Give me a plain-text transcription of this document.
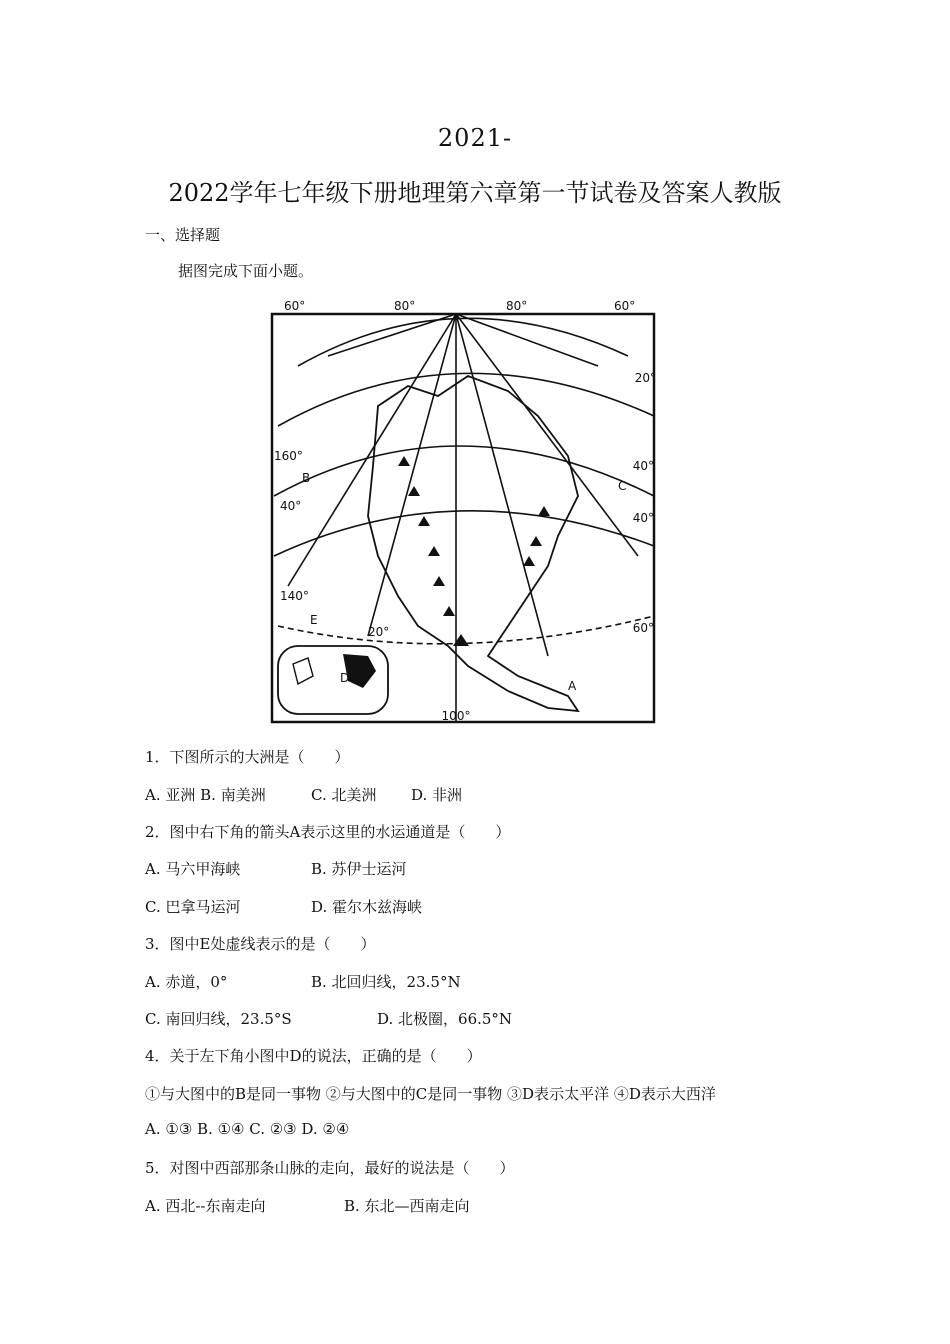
2021-
2022学年七年级下册地理第六章第一节试卷及答案人教版
一、选择题
据图完成下面小题。
60°	80°	80°	60°
20°
40°
40°
60°
160°
40°
140°
20°
100°
B
C
D
E
A
1．下图所示的大洲是（　　）
A. 亚洲 B. 南美洲	C. 北美洲 D. 非洲
2．图中右下角的箭头A表示这里的水运通道是（　　）
A. 马六甲海峡	B. 苏伊士运河
C. 巴拿马运河	D. 霍尔木兹海峡
3．图中E处虚线表示的是（　　）
A. 赤道，0°	B. 北回归线，23.5°N
C. 南回归线，23.5°S	D. 北极圈，66.5°N
4．关于左下角小图中D的说法，正确的是（　　）
①与大图中的B是同一事物 ②与大图中的C是同一事物 ③D表示太平洋 ④D表示大西洋
A. ①③ B. ①④ C. ②③ D. ②④
5．对图中西部那条山脉的走向，最好的说法是（　　）
A. 西北--东南走向	B. 东北—西南走向
